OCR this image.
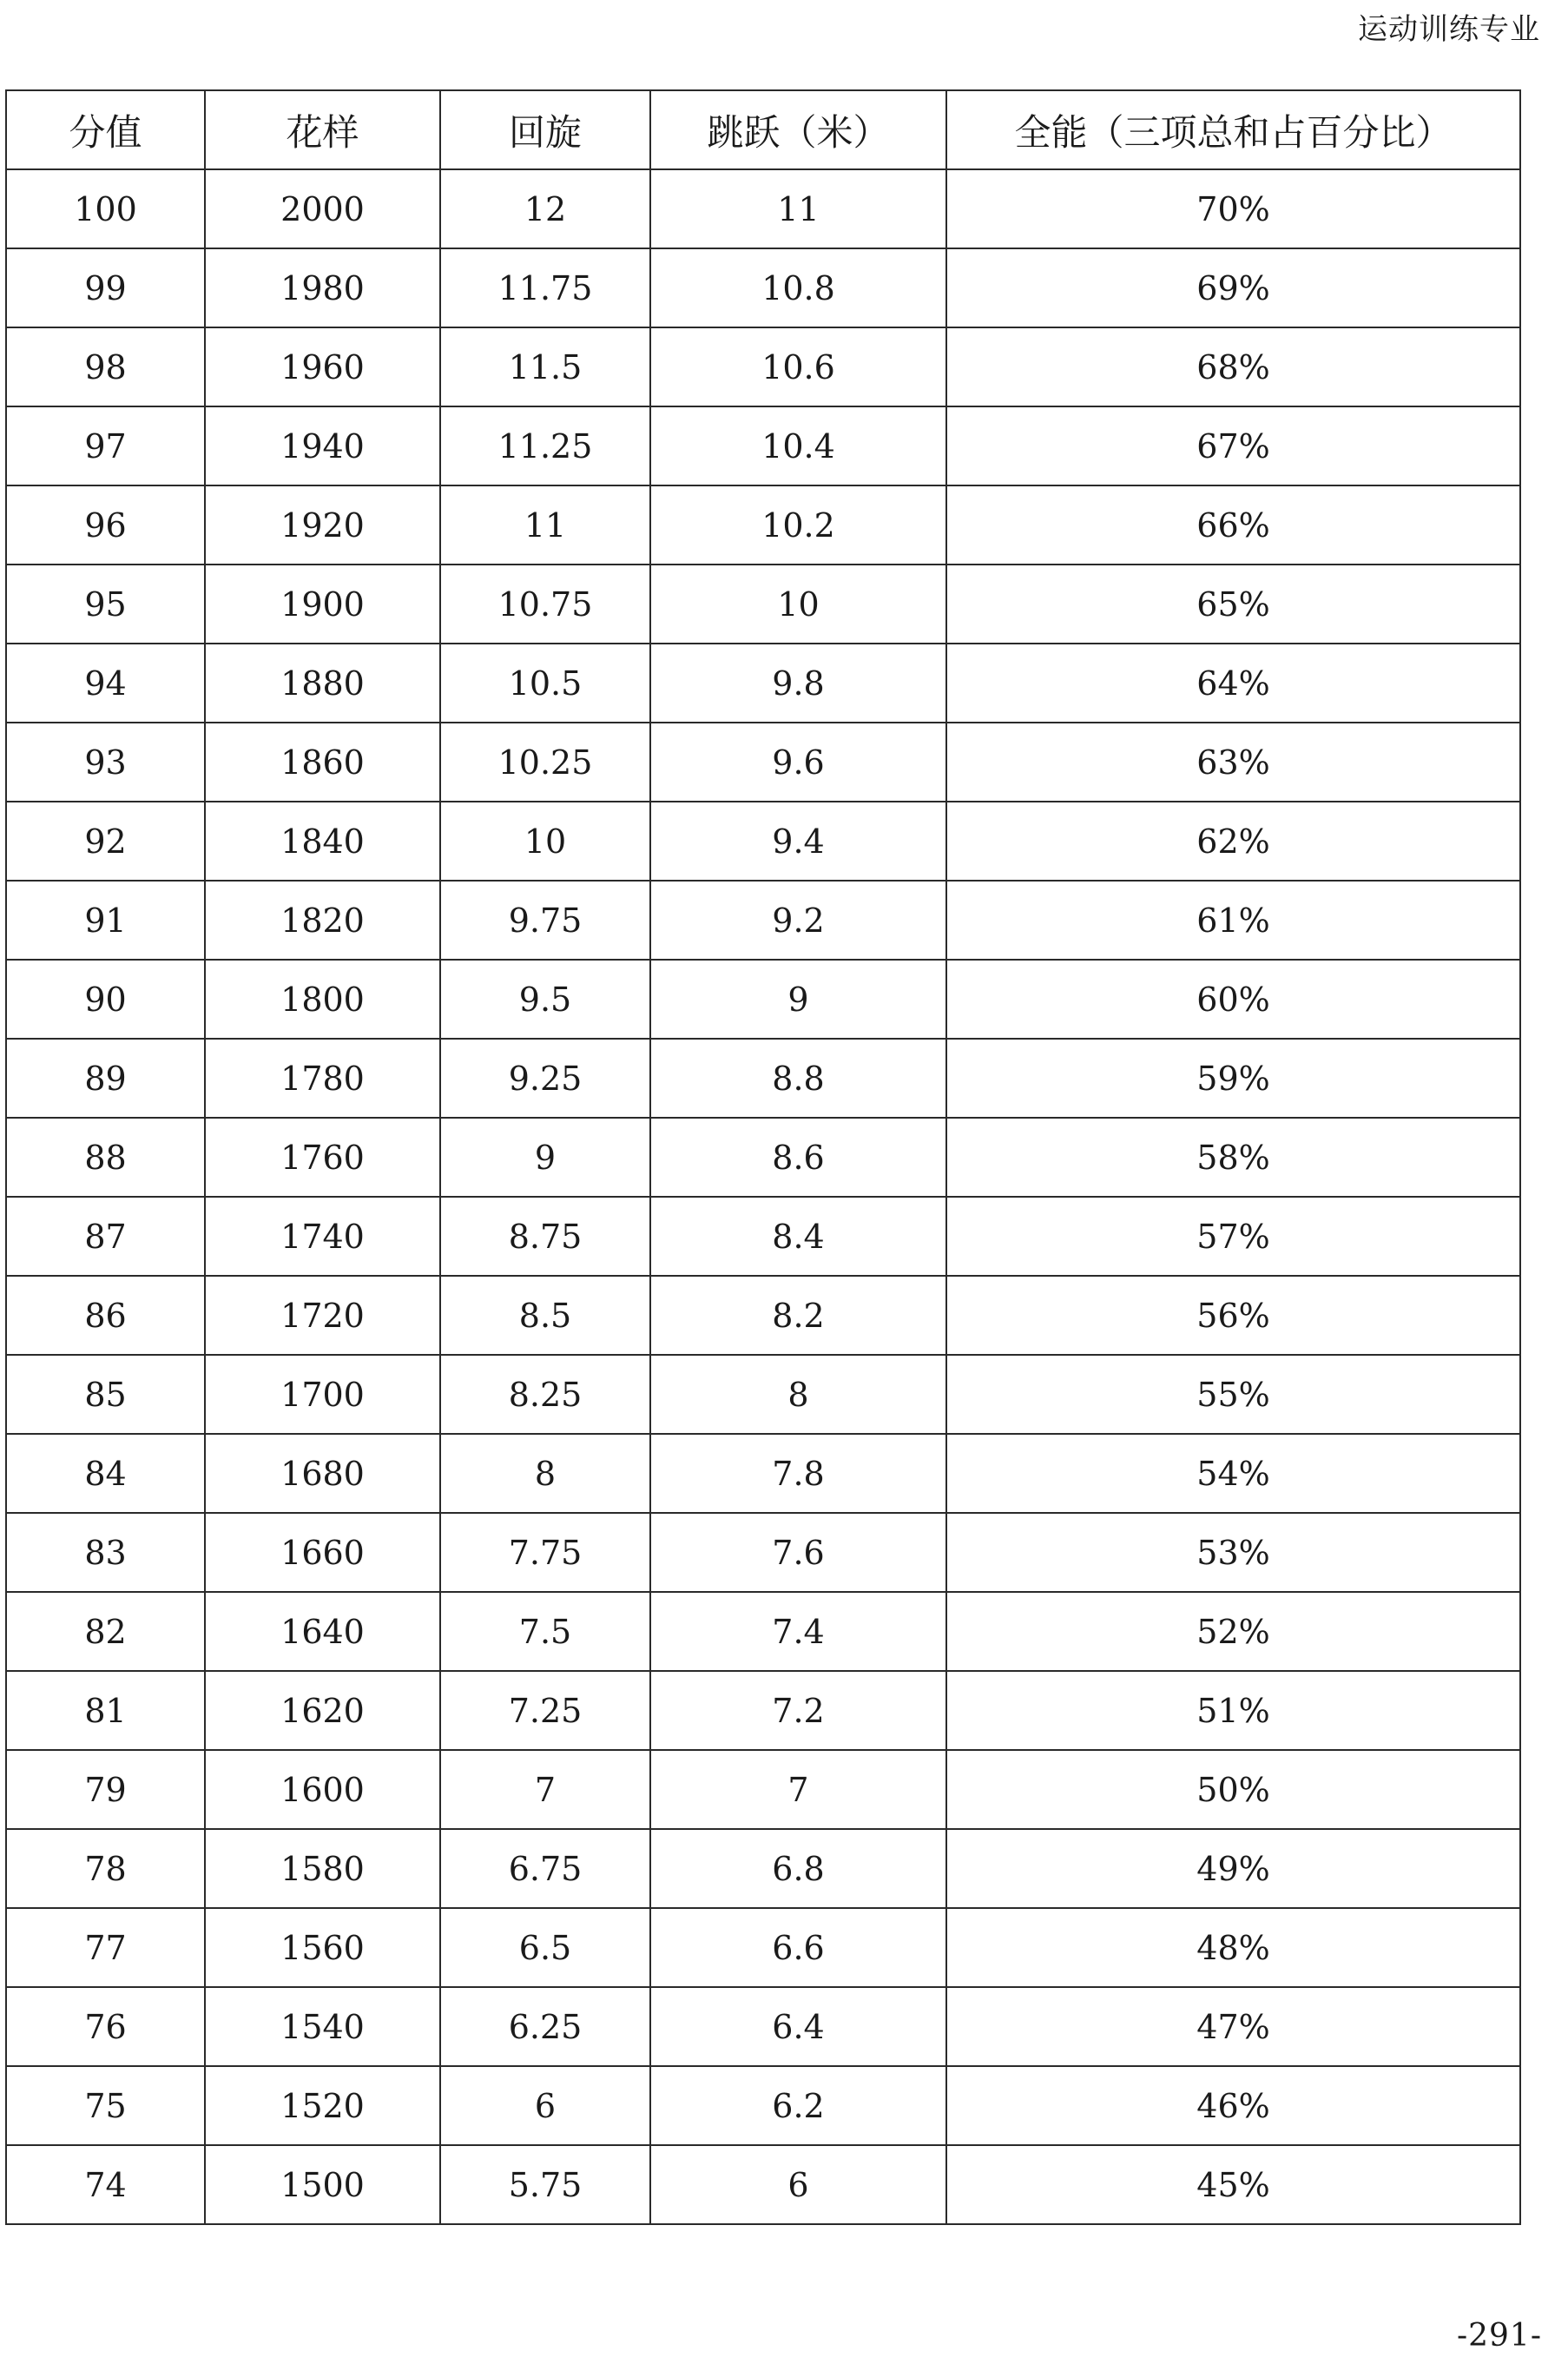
运动训练专业
分值	花样	回旋	跳跃（米）	全能（三项总和占百分比）
100	2000	12	11	70%
99	1980	11.75	10.8	69%
98	1960	11.5	10.6	68%
97	1940	11.25	10.4	67%
96	1920	11	10.2	66%
95	1900	10.75	10	65%
94	1880	10.5	9.8	64%
93	1860	10.25	9.6	63%
92	1840	10	9.4	62%
91	1820	9.75	9.2	61%
90	1800	9.5	9	60%
89	1780	9.25	8.8	59%
88	1760	9	8.6	58%
87	1740	8.75	8.4	57%
86	1720	8.5	8.2	56%
85	1700	8.25	8	55%
84	1680	8	7.8	54%
83	1660	7.75	7.6	53%
82	1640	7.5	7.4	52%
81	1620	7.25	7.2	51%
79	1600	7	7	50%
78	1580	6.75	6.8	49%
77	1560	6.5	6.6	48%
76	1540	6.25	6.4	47%
75	1520	6	6.2	46%
74	1500	5.75	6	45%
-291-
